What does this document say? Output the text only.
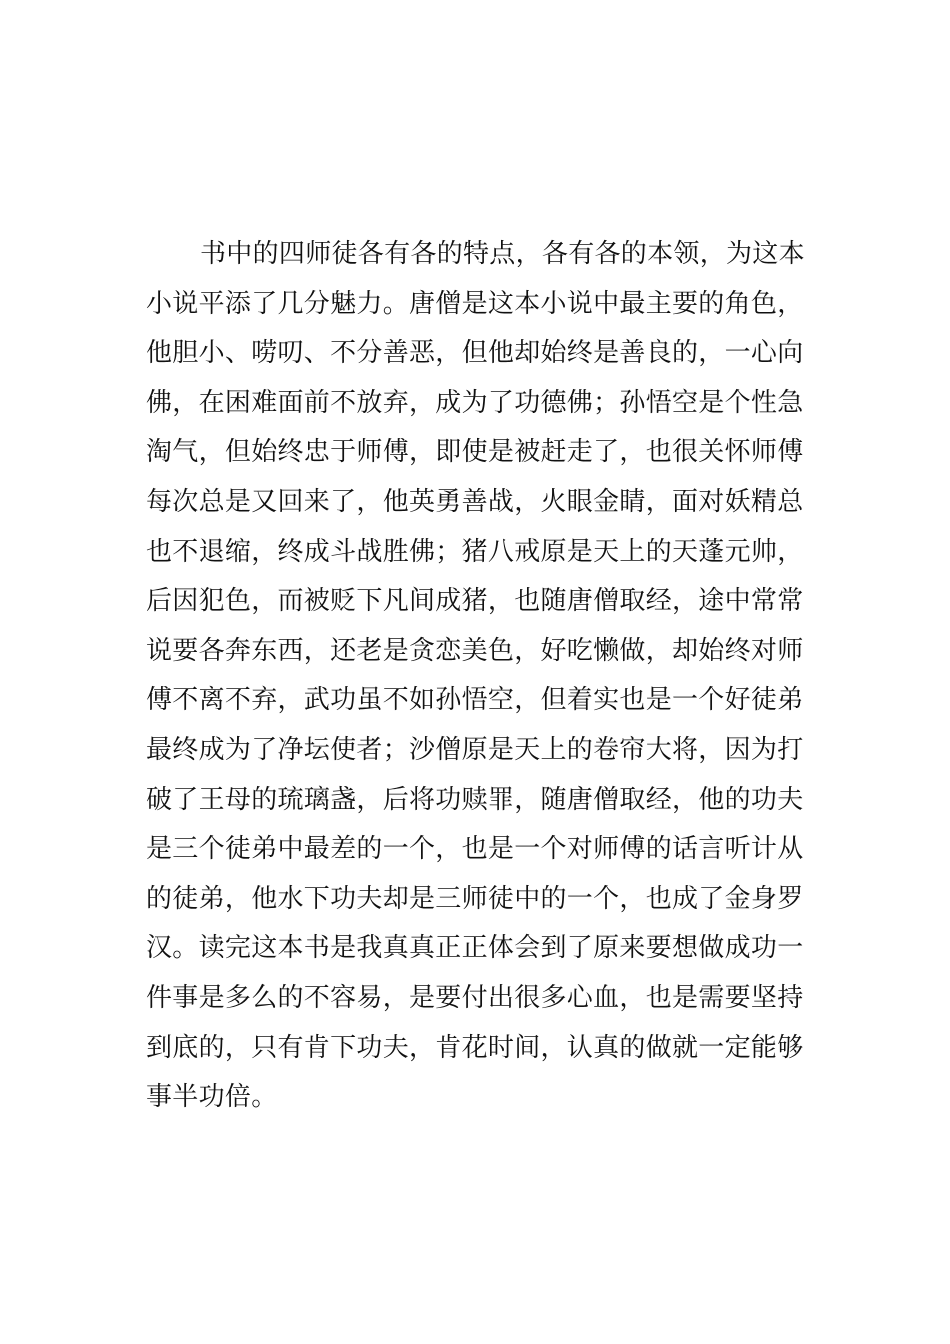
书中的四师徒各有各的特点，各有各的本领，为这本
小说平添了几分魅力。唐僧是这本小说中最主要的角色，
他胆小、唠叨、不分善恶，但他却始终是善良的，一心向
佛，在困难面前不放弃，成为了功德佛；孙悟空是个性急
淘气，但始终忠于师傅，即使是被赶走了，也很关怀师傅
每次总是又回来了，他英勇善战，火眼金睛，面对妖精总
也不退缩，终成斗战胜佛；猪八戒原是天上的天蓬元帅，
后因犯色，而被贬下凡间成猪，也随唐僧取经，途中常常
说要各奔东西，还老是贪恋美色，好吃懒做，却始终对师
傅不离不弃，武功虽不如孙悟空，但着实也是一个好徒弟
最终成为了净坛使者；沙僧原是天上的卷帘大将，因为打
破了王母的琉璃盏，后将功赎罪，随唐僧取经，他的功夫
是三个徒弟中最差的一个，也是一个对师傅的话言听计从
的徒弟，他水下功夫却是三师徒中的一个，也成了金身罗
汉。读完这本书是我真真正正体会到了原来要想做成功一
件事是多么的不容易，是要付出很多心血，也是需要坚持
到底的，只有肯下功夫，肯花时间，认真的做就一定能够
事半功倍。
